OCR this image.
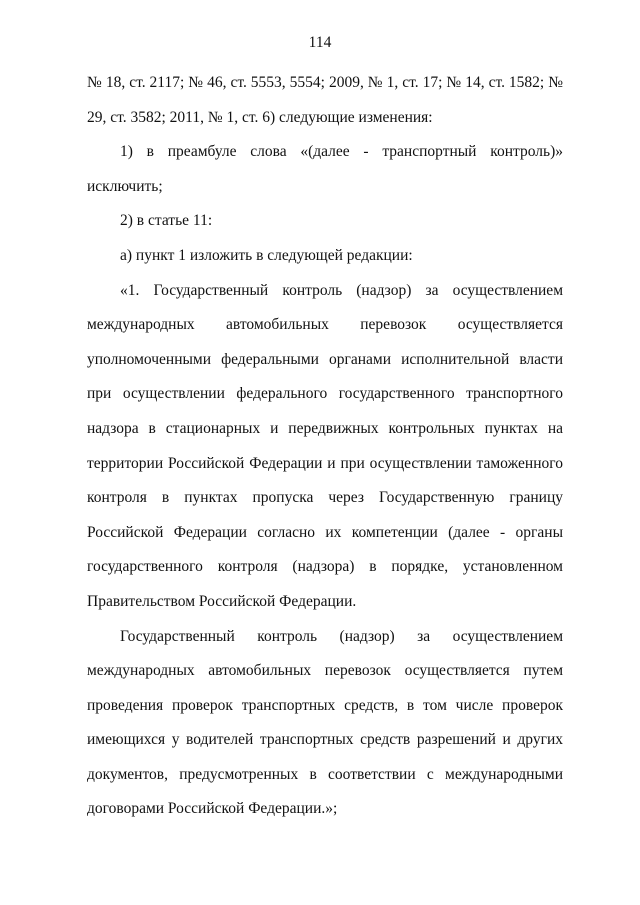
114

№ 18, ст. 2117; № 46, ст. 5553, 5554; 2009, № 1, ст. 17; № 14, ст. 1582; № 29, ст. 3582; 2011, № 1, ст. 6) следующие изменения:

1) в преамбуле слова «(далее - транспортный контроль)» исключить;

2) в статье 11:

а) пункт 1 изложить в следующей редакции:

«1. Государственный контроль (надзор) за осуществлением международных автомобильных перевозок осуществляется уполномоченными федеральными органами исполнительной власти при осуществлении федерального государственного транспортного надзора в стационарных и передвижных контрольных пунктах на территории Российской Федерации и при осуществлении таможенного контроля в пунктах пропуска через Государственную границу Российской Федерации согласно их компетенции (далее - органы государственного контроля (надзора) в порядке, установленном Правительством Российской Федерации.

Государственный контроль (надзор) за осуществлением международных автомобильных перевозок осуществляется путем проведения проверок транспортных средств, в том числе проверок имеющихся у водителей транспортных средств разрешений и других документов, предусмотренных в соответствии с международными договорами Российской Федерации.»;
